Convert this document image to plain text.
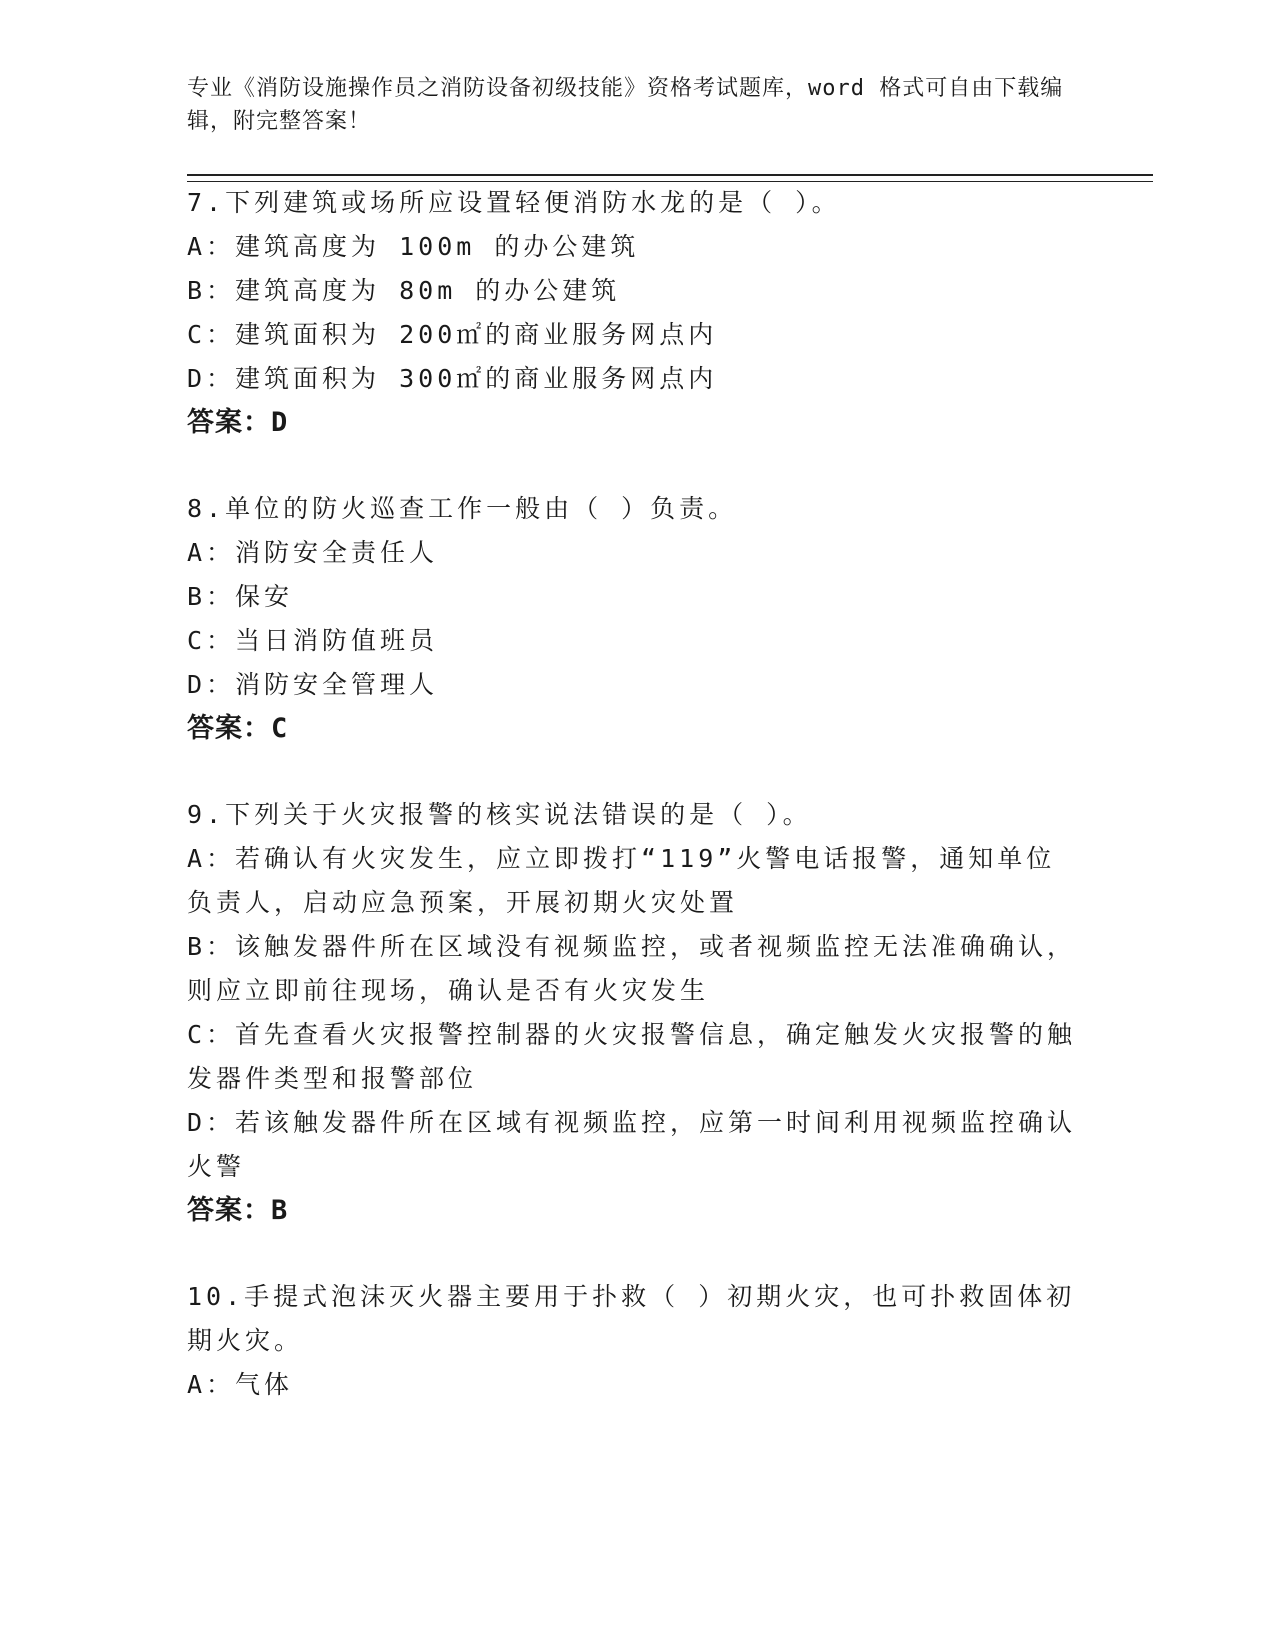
专业《消防设施操作员之消防设备初级技能》资格考试题库，word 格式可自由下载编辑，附完整答案！
7.下列建筑或场所应设置轻便消防水龙的是（ ）。
A：建筑高度为 100m 的办公建筑
B：建筑高度为 80m 的办公建筑
C：建筑面积为 200㎡的商业服务网点内
D：建筑面积为 300㎡的商业服务网点内
答案：D
8.单位的防火巡查工作一般由（ ）负责。
A：消防安全责任人
B：保安
C：当日消防值班员
D：消防安全管理人
答案：C
9.下列关于火灾报警的核实说法错误的是（ ）。
A：若确认有火灾发生，应立即拨打“119”火警电话报警，通知单位
负责人，启动应急预案，开展初期火灾处置
B：该触发器件所在区域没有视频监控，或者视频监控无法准确确认，
则应立即前往现场，确认是否有火灾发生
C：首先查看火灾报警控制器的火灾报警信息，确定触发火灾报警的触
发器件类型和报警部位
D：若该触发器件所在区域有视频监控，应第一时间利用视频监控确认
火警
答案：B
10.手提式泡沫灭火器主要用于扑救（ ）初期火灾，也可扑救固体初
期火灾。
A：气体
